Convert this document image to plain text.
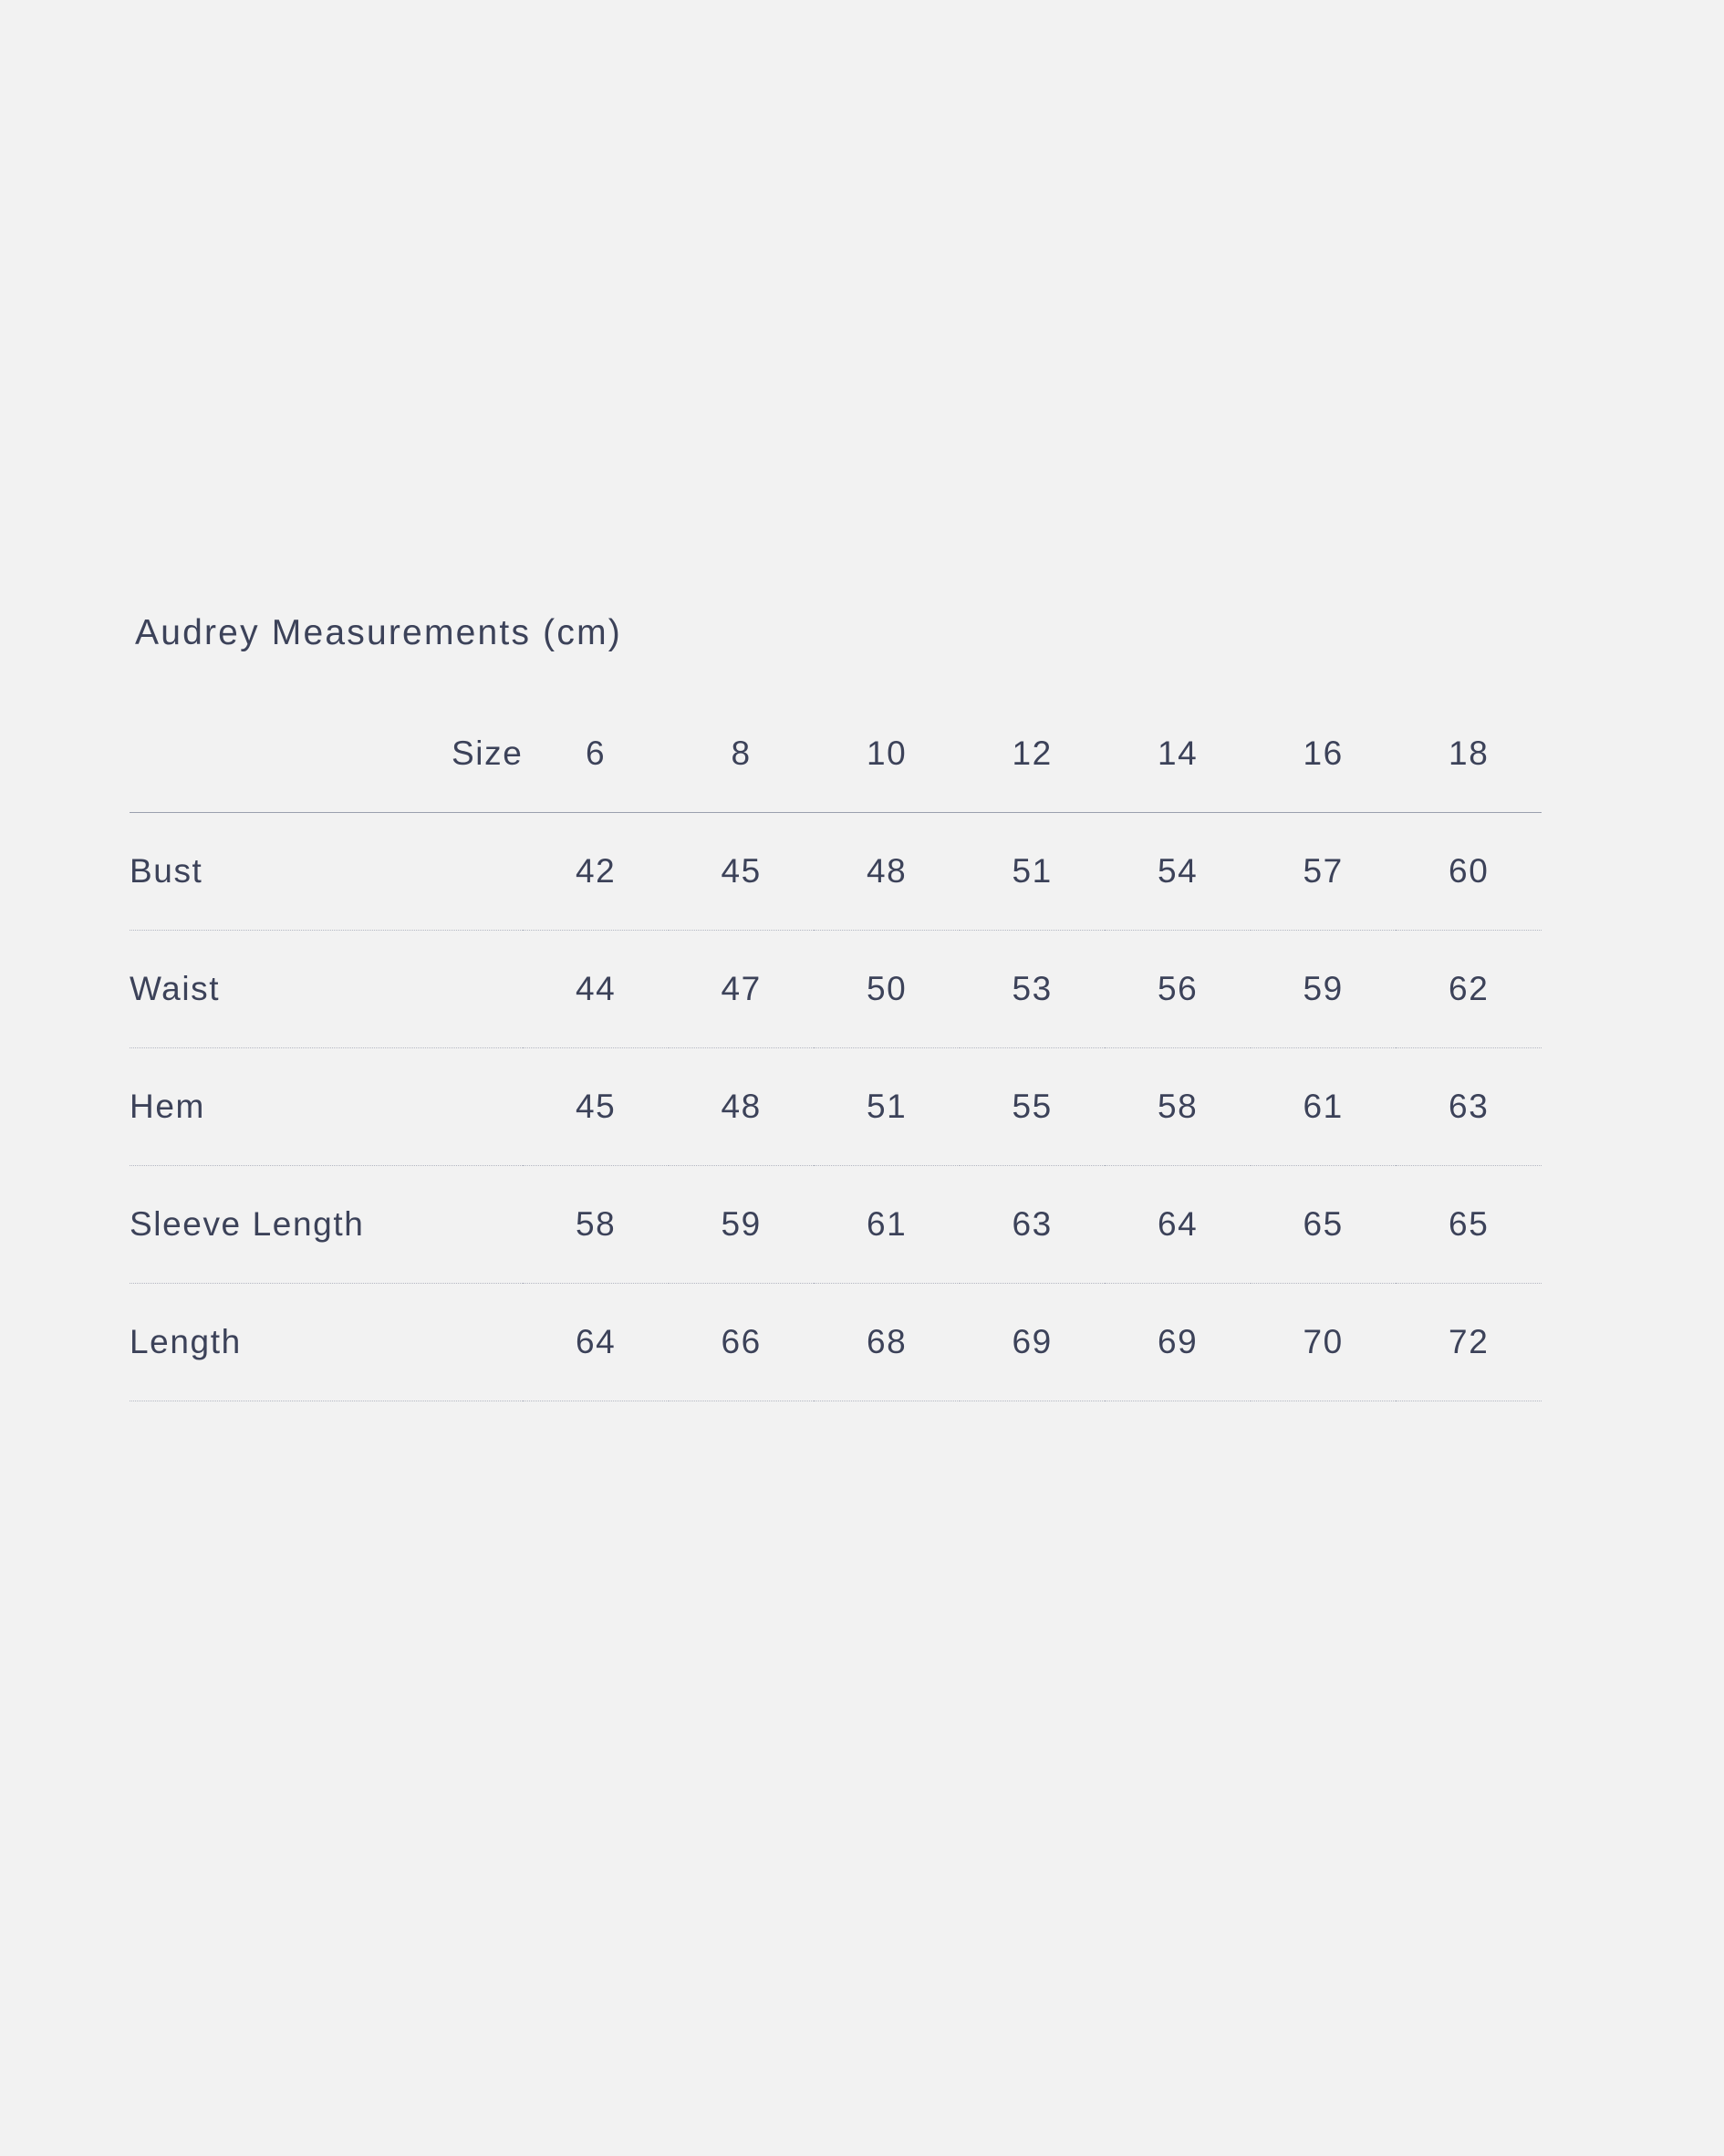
Audrey Measurements (cm)
Size	6	8	10	12	14	16	18
Bust	42	45	48	51	54	57	60
Waist	44	47	50	53	56	59	62
Hem	45	48	51	55	58	61	63
Sleeve Length	58	59	61	63	64	65	65
Length	64	66	68	69	69	70	72
